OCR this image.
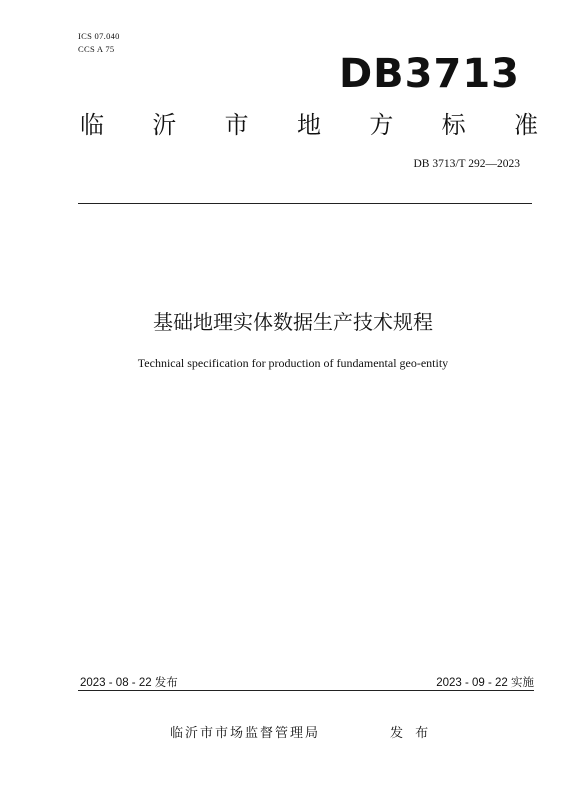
ICS 07.040
CCS A 75
DB3713
临 沂 市 地 方 标 准
DB 3713/T 292—2023
基础地理实体数据生产技术规程
Technical specification for production of fundamental geo-entity
2023 - 08 - 22 发布	2023 - 09 - 22 实施
临沂市市场监督管理局	发 布
